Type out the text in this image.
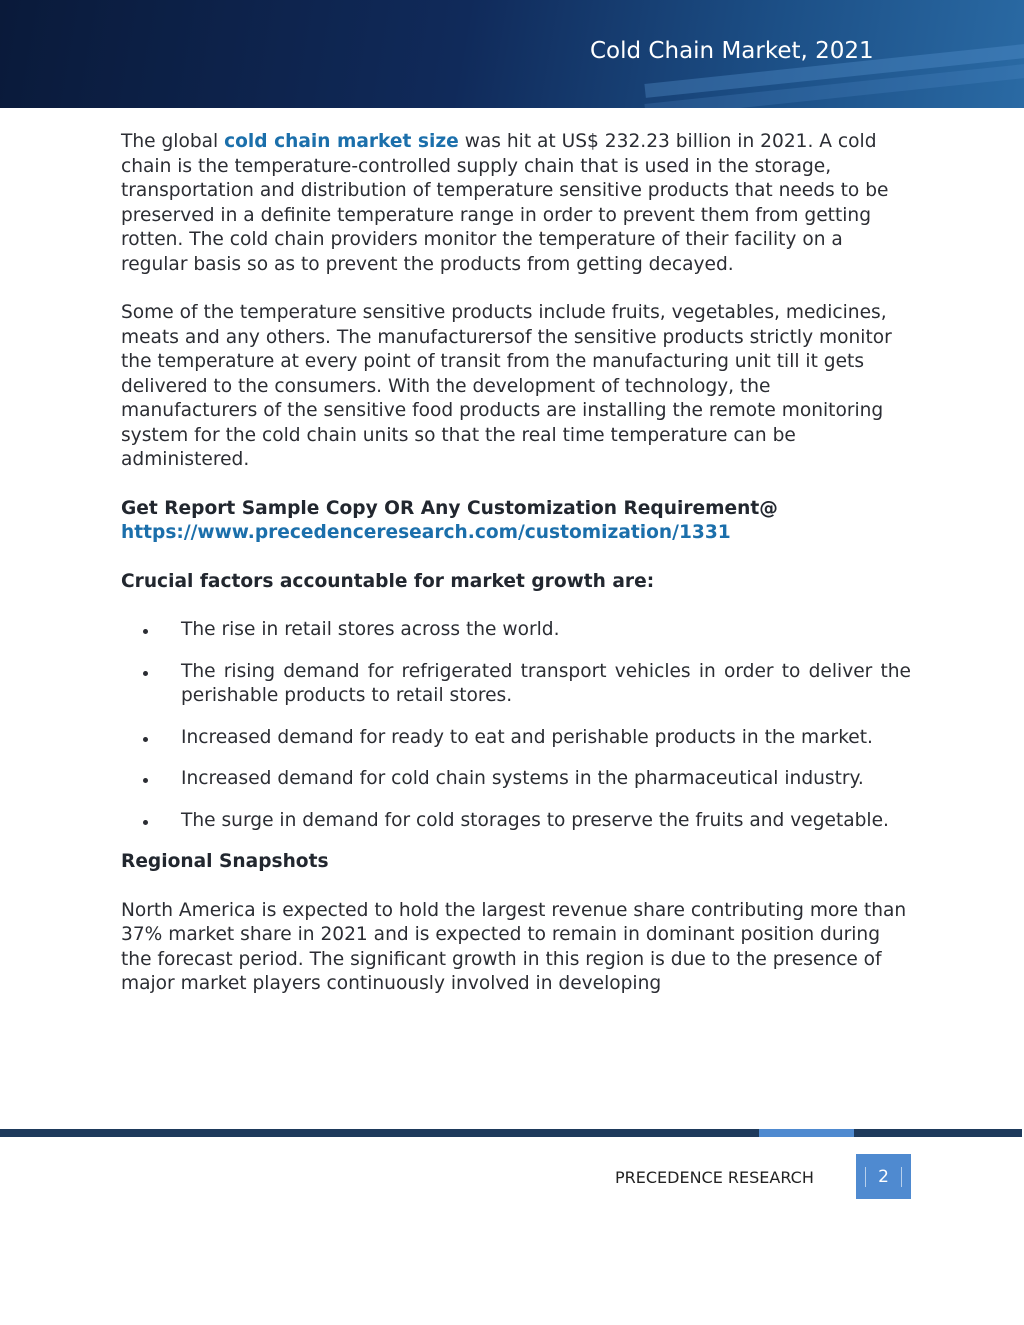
Cold Chain Market, 2021

The global cold chain market size was hit at US$ 232.23 billion in 2021. A cold chain is the temperature-controlled supply chain that is used in the storage, transportation and distribution of temperature sensitive products that needs to be preserved in a definite temperature range in order to prevent them from getting rotten. The cold chain providers monitor the temperature of their facility on a regular basis so as to prevent the products from getting decayed.

Some of the temperature sensitive products include fruits, vegetables, medicines, meats and any others. The manufacturersof the sensitive products strictly monitor the temperature at every point of transit from the manufacturing unit till it gets delivered to the consumers. With the development of technology, the manufacturers of the sensitive food products are installing the remote monitoring system for the cold chain units so that the real time temperature can be administered.

Get Report Sample Copy OR Any Customization Requirement@ https://www.precedenceresearch.com/customization/1331

Crucial factors accountable for market growth are:

The rise in retail stores across the world.
The rising demand for refrigerated transport vehicles in order to deliver the perishable products to retail stores.
Increased demand for ready to eat and perishable products in the market.
Increased demand for cold chain systems in the pharmaceutical industry.
The surge in demand for cold storages to preserve the fruits and vegetable.

Regional Snapshots

North America is expected to hold the largest revenue share contributing more than 37% market share in 2021 and is expected to remain in dominant position during the forecast period. The significant growth in this region is due to the presence of major market players continuously involved in developing

PRECEDENCE RESEARCH	2
